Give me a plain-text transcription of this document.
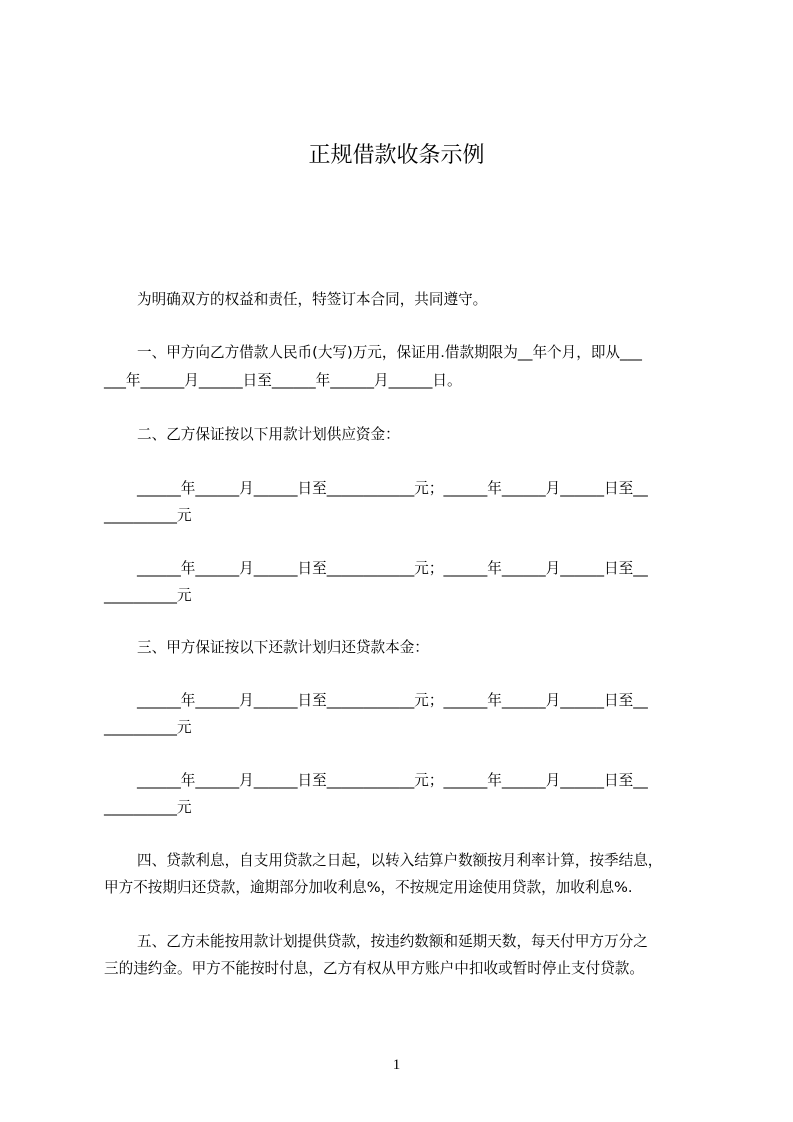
正规借款收条示例
为明确双方的权益和责任，特签订本合同，共同遵守。
一、甲方向乙方借款人民币(大写)万元，保证用.借款期限为__年个月，即从___
___年______月______日至______年______月______日。
二、乙方保证按以下用款计划供应资金：
______年______月______日至____________元；______年______月______日至__
__________元
______年______月______日至____________元；______年______月______日至__
__________元
三、甲方保证按以下还款计划归还贷款本金：
______年______月______日至____________元；______年______月______日至__
__________元
______年______月______日至____________元；______年______月______日至__
__________元
四、贷款利息，自支用贷款之日起，以转入结算户数额按月利率计算，按季结息，
甲方不按期归还贷款，逾期部分加收利息%，不按规定用途使用贷款，加收利息%.
五、乙方未能按用款计划提供贷款，按违约数额和延期天数，每天付甲方万分之
三的违约金。甲方不能按时付息，乙方有权从甲方账户中扣收或暂时停止支付贷款。
1
